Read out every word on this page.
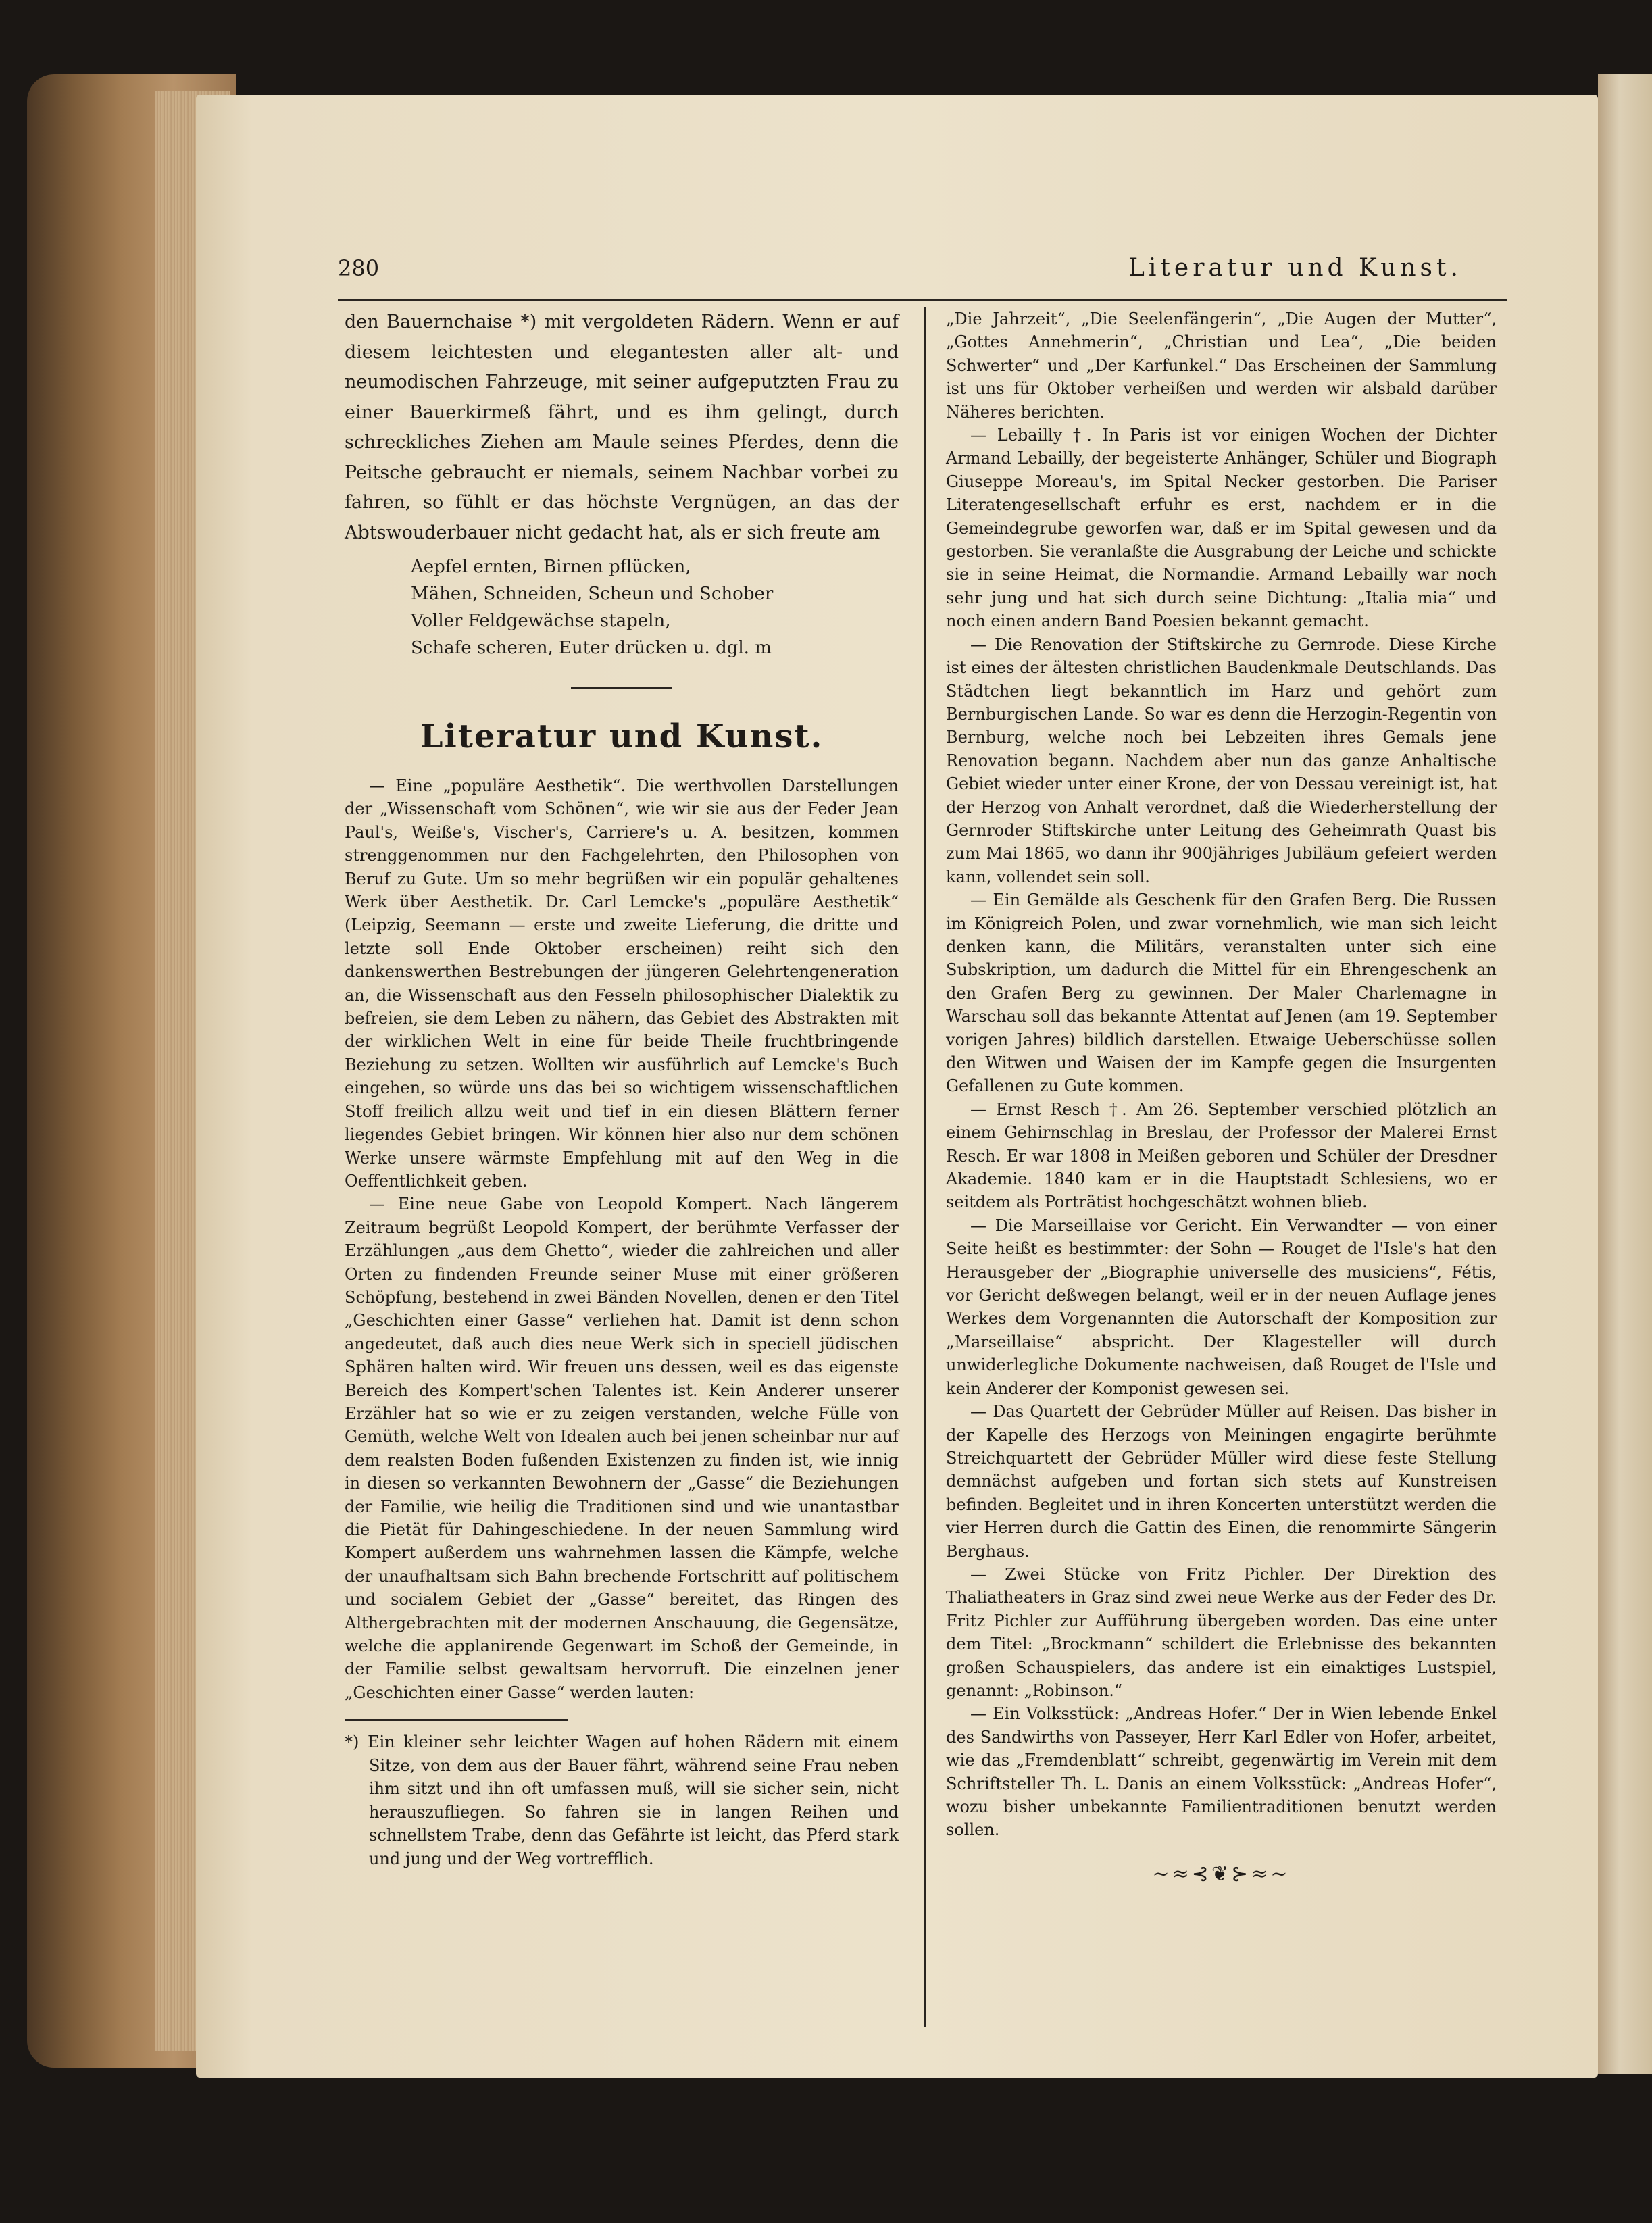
280	Literatur und Kunst.

den Bauernchaise *) mit vergoldeten Rädern. Wenn er auf diesem leichtesten und elegantesten aller alt- und neumodischen Fahrzeuge, mit seiner aufgeputzten Frau zu einer Bauerkirmeß fährt, und es ihm gelingt, durch schreckliches Ziehen am Maule seines Pferdes, denn die Peitsche gebraucht er niemals, seinem Nachbar vorbei zu fahren, so fühlt er das höchste Vergnügen, an das der Abtswouderbauer nicht gedacht hat, als er sich freute am

Aepfel ernten, Birnen pflücken,
Mähen, Schneiden, Scheun und Schober
Voller Feldgewächse stapeln,
Schafe scheren, Euter drücken u. dgl. m
Literatur und Kunst.

— Eine „populäre Aesthetik“. Die werthvollen Darstellungen der „Wissenschaft vom Schönen“, wie wir sie aus der Feder Jean Paul's, Weiße's, Vischer's, Carriere's u. A. besitzen, kommen strenggenommen nur den Fachgelehrten, den Philosophen von Beruf zu Gute. Um so mehr begrüßen wir ein populär gehaltenes Werk über Aesthetik. Dr. Carl Lemcke's „populäre Aesthetik“ (Leipzig, Seemann — erste und zweite Lieferung, die dritte und letzte soll Ende Oktober erscheinen) reiht sich den dankenswerthen Bestrebungen der jüngeren Gelehrtengeneration an, die Wissenschaft aus den Fesseln philosophischer Dialektik zu befreien, sie dem Leben zu nähern, das Gebiet des Abstrakten mit der wirklichen Welt in eine für beide Theile fruchtbringende Beziehung zu setzen. Wollten wir ausführlich auf Lemcke's Buch eingehen, so würde uns das bei so wichtigem wissenschaftlichen Stoff freilich allzu weit und tief in ein diesen Blättern ferner liegendes Gebiet bringen. Wir können hier also nur dem schönen Werke unsere wärmste Empfehlung mit auf den Weg in die Oeffentlichkeit geben.

— Eine neue Gabe von Leopold Kompert. Nach längerem Zeitraum begrüßt Leopold Kompert, der berühmte Verfasser der Erzählungen „aus dem Ghetto“, wieder die zahlreichen und aller Orten zu findenden Freunde seiner Muse mit einer größeren Schöpfung, bestehend in zwei Bänden Novellen, denen er den Titel „Geschichten einer Gasse“ verliehen hat. Damit ist denn schon angedeutet, daß auch dies neue Werk sich in speciell jüdischen Sphären halten wird. Wir freuen uns dessen, weil es das eigenste Bereich des Kompert'schen Talentes ist. Kein Anderer unserer Erzähler hat so wie er zu zeigen verstanden, welche Fülle von Gemüth, welche Welt von Idealen auch bei jenen scheinbar nur auf dem realsten Boden fußenden Existenzen zu finden ist, wie innig in diesen so verkannten Bewohnern der „Gasse“ die Beziehungen der Familie, wie heilig die Traditionen sind und wie unantastbar die Pietät für Dahingeschiedene. In der neuen Sammlung wird Kompert außerdem uns wahrnehmen lassen die Kämpfe, welche der unaufhaltsam sich Bahn brechende Fortschritt auf politischem und socialem Gebiet der „Gasse“ bereitet, das Ringen des Althergebrachten mit der modernen Anschauung, die Gegensätze, welche die applanirende Gegenwart im Schoß der Gemeinde, in der Familie selbst gewaltsam hervorruft. Die einzelnen jener „Geschichten einer Gasse“ werden lauten:

*) Ein kleiner sehr leichter Wagen auf hohen Rädern mit einem Sitze, von dem aus der Bauer fährt, während seine Frau neben ihm sitzt und ihn oft umfassen muß, will sie sicher sein, nicht herauszufliegen. So fahren sie in langen Reihen und schnellstem Trabe, denn das Gefährte ist leicht, das Pferd stark und jung und der Weg vortrefflich.

„Die Jahrzeit“, „Die Seelenfängerin“, „Die Augen der Mutter“, „Gottes Annehmerin“, „Christian und Lea“, „Die beiden Schwerter“ und „Der Karfunkel.“ Das Erscheinen der Sammlung ist uns für Oktober verheißen und werden wir alsbald darüber Näheres berichten.

— Lebailly †. In Paris ist vor einigen Wochen der Dichter Armand Lebailly, der begeisterte Anhänger, Schüler und Biograph Giuseppe Moreau's, im Spital Necker gestorben. Die Pariser Literatengesellschaft erfuhr es erst, nachdem er in die Gemeindegrube geworfen war, daß er im Spital gewesen und da gestorben. Sie veranlaßte die Ausgrabung der Leiche und schickte sie in seine Heimat, die Normandie. Armand Lebailly war noch sehr jung und hat sich durch seine Dichtung: „Italia mia“ und noch einen andern Band Poesien bekannt gemacht.

— Die Renovation der Stiftskirche zu Gernrode. Diese Kirche ist eines der ältesten christlichen Baudenkmale Deutschlands. Das Städtchen liegt bekanntlich im Harz und gehört zum Bernburgischen Lande. So war es denn die Herzogin-Regentin von Bernburg, welche noch bei Lebzeiten ihres Gemals jene Renovation begann. Nachdem aber nun das ganze Anhaltische Gebiet wieder unter einer Krone, der von Dessau vereinigt ist, hat der Herzog von Anhalt verordnet, daß die Wiederherstellung der Gernroder Stiftskirche unter Leitung des Geheimrath Quast bis zum Mai 1865, wo dann ihr 900jähriges Jubiläum gefeiert werden kann, vollendet sein soll.

— Ein Gemälde als Geschenk für den Grafen Berg. Die Russen im Königreich Polen, und zwar vornehmlich, wie man sich leicht denken kann, die Militärs, veranstalten unter sich eine Subskription, um dadurch die Mittel für ein Ehrengeschenk an den Grafen Berg zu gewinnen. Der Maler Charlemagne in Warschau soll das bekannte Attentat auf Jenen (am 19. September vorigen Jahres) bildlich darstellen. Etwaige Ueberschüsse sollen den Witwen und Waisen der im Kampfe gegen die Insurgenten Gefallenen zu Gute kommen.

— Ernst Resch †. Am 26. September verschied plötzlich an einem Gehirnschlag in Breslau, der Professor der Malerei Ernst Resch. Er war 1808 in Meißen geboren und Schüler der Dresdner Akademie. 1840 kam er in die Hauptstadt Schlesiens, wo er seitdem als Porträtist hochgeschätzt wohnen blieb.

— Die Marseillaise vor Gericht. Ein Verwandter — von einer Seite heißt es bestimmter: der Sohn — Rouget de l'Isle's hat den Herausgeber der „Biographie universelle des musiciens“, Fétis, vor Gericht deßwegen belangt, weil er in der neuen Auflage jenes Werkes dem Vorgenannten die Autorschaft der Komposition zur „Marseillaise“ abspricht. Der Klagesteller will durch unwiderlegliche Dokumente nachweisen, daß Rouget de l'Isle und kein Anderer der Komponist gewesen sei.

— Das Quartett der Gebrüder Müller auf Reisen. Das bisher in der Kapelle des Herzogs von Meiningen engagirte berühmte Streichquartett der Gebrüder Müller wird diese feste Stellung demnächst aufgeben und fortan sich stets auf Kunstreisen befinden. Begleitet und in ihren Koncerten unterstützt werden die vier Herren durch die Gattin des Einen, die renommirte Sängerin Berghaus.

— Zwei Stücke von Fritz Pichler. Der Direktion des Thaliatheaters in Graz sind zwei neue Werke aus der Feder des Dr. Fritz Pichler zur Aufführung übergeben worden. Das eine unter dem Titel: „Brockmann“ schildert die Erlebnisse des bekannten großen Schauspielers, das andere ist ein einaktiges Lustspiel, genannt: „Robinson.“

— Ein Volksstück: „Andreas Hofer.“ Der in Wien lebende Enkel des Sandwirths von Passeyer, Herr Karl Edler von Hofer, arbeitet, wie das „Fremdenblatt“ schreibt, gegenwärtig im Verein mit dem Schriftsteller Th. L. Danis an einem Volksstück: „Andreas Hofer“, wozu bisher unbekannte Familientraditionen benutzt werden sollen.

~≈⊰❦⊱≈~
